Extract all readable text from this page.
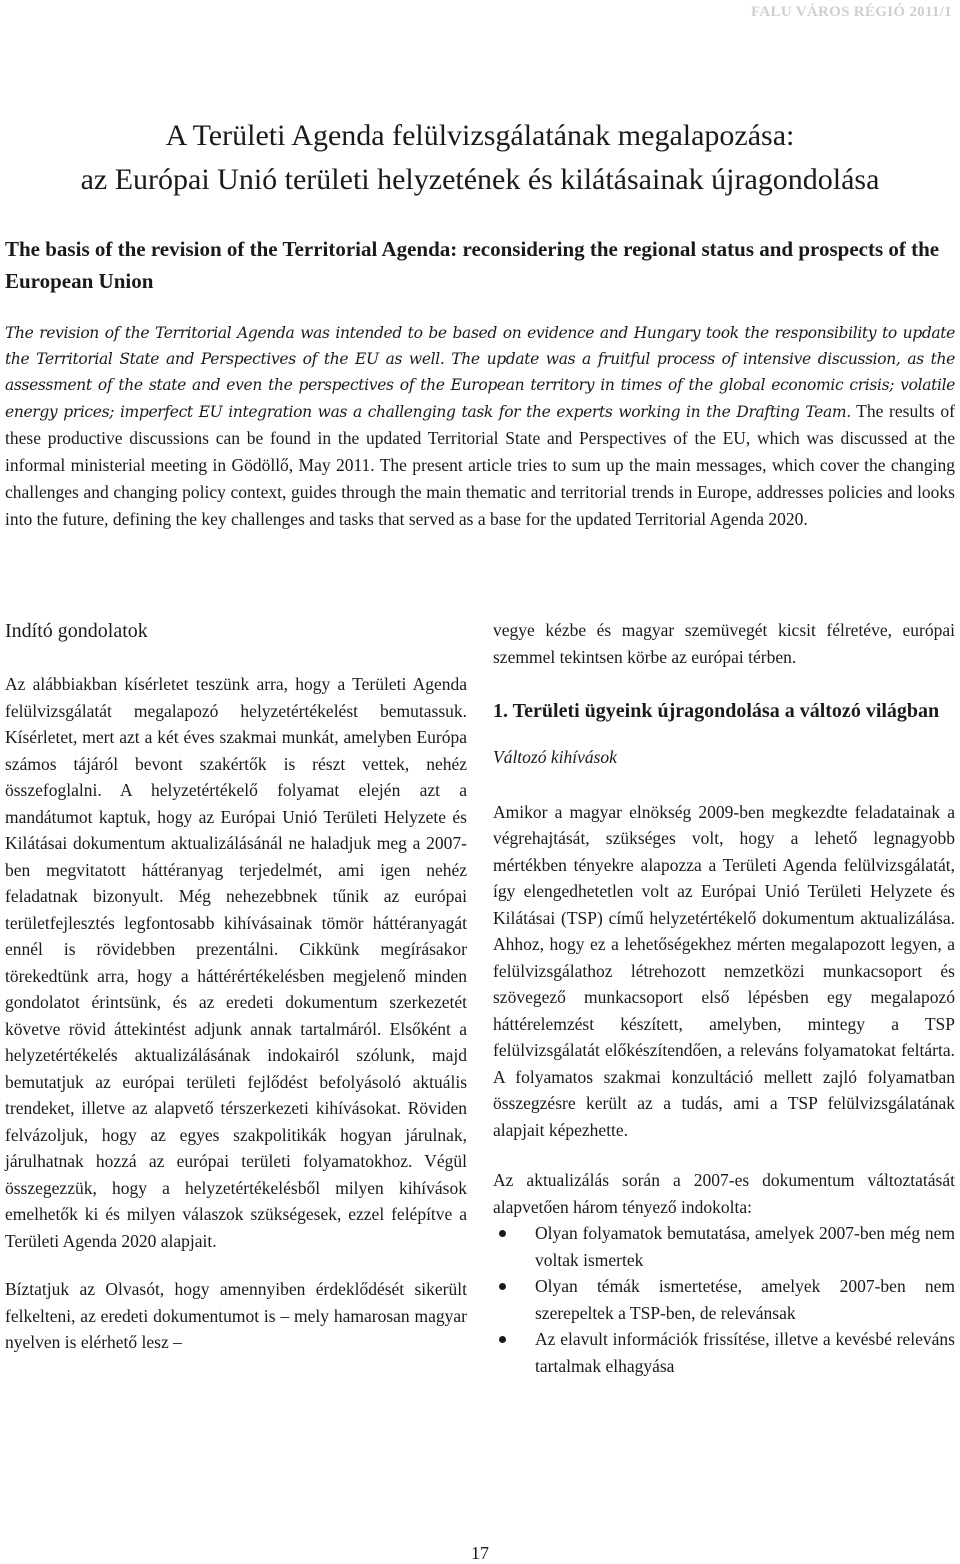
FALU VÁROS RÉGIÓ 2011/1
A Területi Agenda felülvizsgálatának megalapozása:
az Európai Unió területi helyzetének és kilátásainak újragondolása
The basis of the revision of the Territorial Agenda: reconsidering the regional status and prospects of the European Union
The revision of the Territorial Agenda was intended to be based on evidence and Hungary took the responsibility to update the Territorial State and Perspectives of the EU as well. The update was a fruitful process of intensive discussion, as the assessment of the state and even the perspectives of the European territory in times of the global economic crisis; volatile energy prices; imperfect EU integration was a challenging task for the experts working in the Drafting Team. The results of these productive discussions can be found in the updated Territorial State and Perspectives of the EU, which was discussed at the informal ministerial meeting in Gödöllő, May 2011. The present article tries to sum up the main messages, which cover the changing challenges and changing policy context, guides through the main thematic and territorial trends in Europe, addresses policies and looks into the future, defining the key challenges and tasks that served as a base for the updated Territorial Agenda 2020.
Indító gondolatok

Az alábbiakban kísérletet teszünk arra, hogy a Területi Agenda felülvizsgálatát megalapozó helyzetértékelést bemutassuk. Kísérletet, mert azt a két éves szakmai munkát, amelyben Európa számos tájáról bevont szakértők is részt vettek, nehéz összefoglalni. A helyzetértékelő folyamat elején azt a mandátumot kaptuk, hogy az Európai Unió Területi Helyzete és Kilátásai dokumentum aktualizálásánál ne haladjuk meg a 2007-ben megvitatott háttéranyag terjedelmét, ami igen nehéz feladatnak bizonyult. Még nehezebbnek tűnik az európai területfejlesztés legfontosabb kihívásainak tömör háttéranyagát ennél is rövidebben prezentálni. Cikkünk megírásakor törekedtünk arra, hogy a háttérértékelésben megjelenő minden gondolatot érintsünk, és az eredeti dokumentum szerkezetét követve rövid áttekintést adjunk annak tartalmáról. Elsőként a helyzetértékelés aktualizálásának indokairól szólunk, majd bemutatjuk az európai területi fejlődést befolyásoló aktuális trendeket, illetve az alapvető térszerkezeti kihívásokat. Röviden felvázoljuk, hogy az egyes szakpolitikák hogyan járulnak, járulhatnak hozzá az európai területi folyamatokhoz. Végül összegezzük, hogy a helyzetértékelésből milyen kihívások emelhetők ki és milyen válaszok szükségesek, ezzel felépítve a Területi Agenda 2020 alapjait.

Bíztatjuk az Olvasót, hogy amennyiben érdeklődését sikerült felkelteni, az eredeti dokumentumot is – mely hamarosan magyar nyelven is elérhető lesz –

vegye kézbe és magyar szemüvegét kicsit félretéve, európai szemmel tekintsen körbe az európai térben.

1. Területi ügyeink újragondolása a változó világban
Változó kihívások

Amikor a magyar elnökség 2009-ben megkezdte feladatainak a végrehajtását, szükséges volt, hogy a lehető legnagyobb mértékben tényekre alapozza a Területi Agenda felülvizsgálatát, így elengedhetetlen volt az Európai Unió Területi Helyzete és Kilátásai (TSP) című helyzetértékelő dokumentum aktualizálása. Ahhoz, hogy ez a lehetőségekhez mérten megalapozott legyen, a felülvizsgálathoz létrehozott nemzetközi munkacsoport és szövegező munkacsoport első lépésben egy megalapozó háttérelemzést készített, amelyben, mintegy a TSP felülvizsgálatát előkészítendően, a releváns folyamatokat feltárta. A folyamatos szakmai konzultáció mellett zajló folyamatban összegzésre került az a tudás, ami a TSP felülvizsgálatának alapjait képezhette.

Az aktualizálás során a 2007-es dokumentum változtatását alapvetően három tényező indokolta:

Olyan folyamatok bemutatása, amelyek 2007-ben még nem voltak ismertek
Olyan témák ismertetése, amelyek 2007-ben nem szerepeltek a TSP-ben, de relevánsak
Az elavult információk frissítése, illetve a kevésbé releváns tartalmak elhagyása
17
